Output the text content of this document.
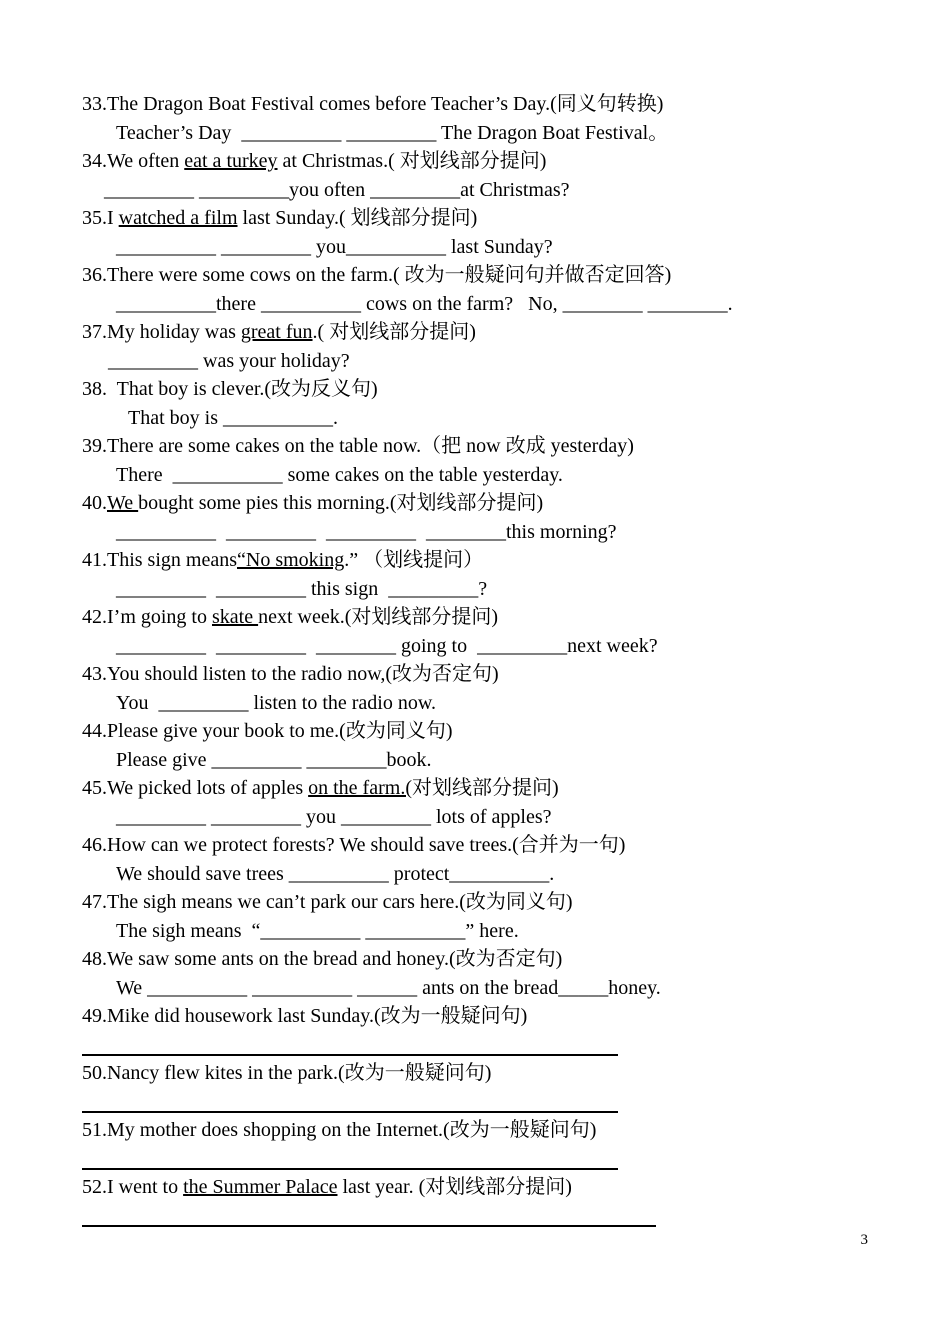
33.The Dragon Boat Festival comes before Teacher’s Day.(同义句转换)
Teacher’s Day  __________ _________ The Dragon Boat Festival。
34.We often eat a turkey at Christmas.( 对划线部分提问)
_________ _________you often _________at Christmas?
35.I watched a film last Sunday.( 划线部分提问)
__________ _________ you__________ last Sunday?
36.There were some cows on the farm.( 改为一般疑问句并做否定回答)
__________there __________ cows on the farm?   No, ________ ________.
37.My holiday was great fun.( 对划线部分提问)
_________ was your holiday?
38.  That boy is clever.(改为反义句)
That boy is ___________.
39.There are some cakes on the table now.（把 now 改成 yesterday)
There  ___________ some cakes on the table yesterday.
40.We bought some pies this morning.(对划线部分提问)
__________  _________  _________  ________this morning?
41.This sign means“No smoking.” （划线提问）
_________  _________ this sign  _________?
42.I’m going to skate next week.(对划线部分提问)
_________  _________  ________ going to  _________next week?
43.You should listen to the radio now,(改为否定句)
You  _________ listen to the radio now.
44.Please give your book to me.(改为同义句)
Please give _________ ________book.
45.We picked lots of apples on the farm.(对划线部分提问)
_________ _________ you _________ lots of apples?
46.How can we protect forests? We should save trees.(合并为一句)
We should save trees __________ protect__________.
47.The sigh means we can’t park our cars here.(改为同义句)
The sigh means  “__________ __________” here.
48.We saw some ants on the bread and honey.(改为否定句)
We __________ __________ ______ ants on the bread_____honey.
49.Mike did housework last Sunday.(改为一般疑问句)
50.Nancy flew kites in the park.(改为一般疑问句)
51.My mother does shopping on the Internet.(改为一般疑问句)
52.I went to the Summer Palace last year. (对划线部分提问)
3
